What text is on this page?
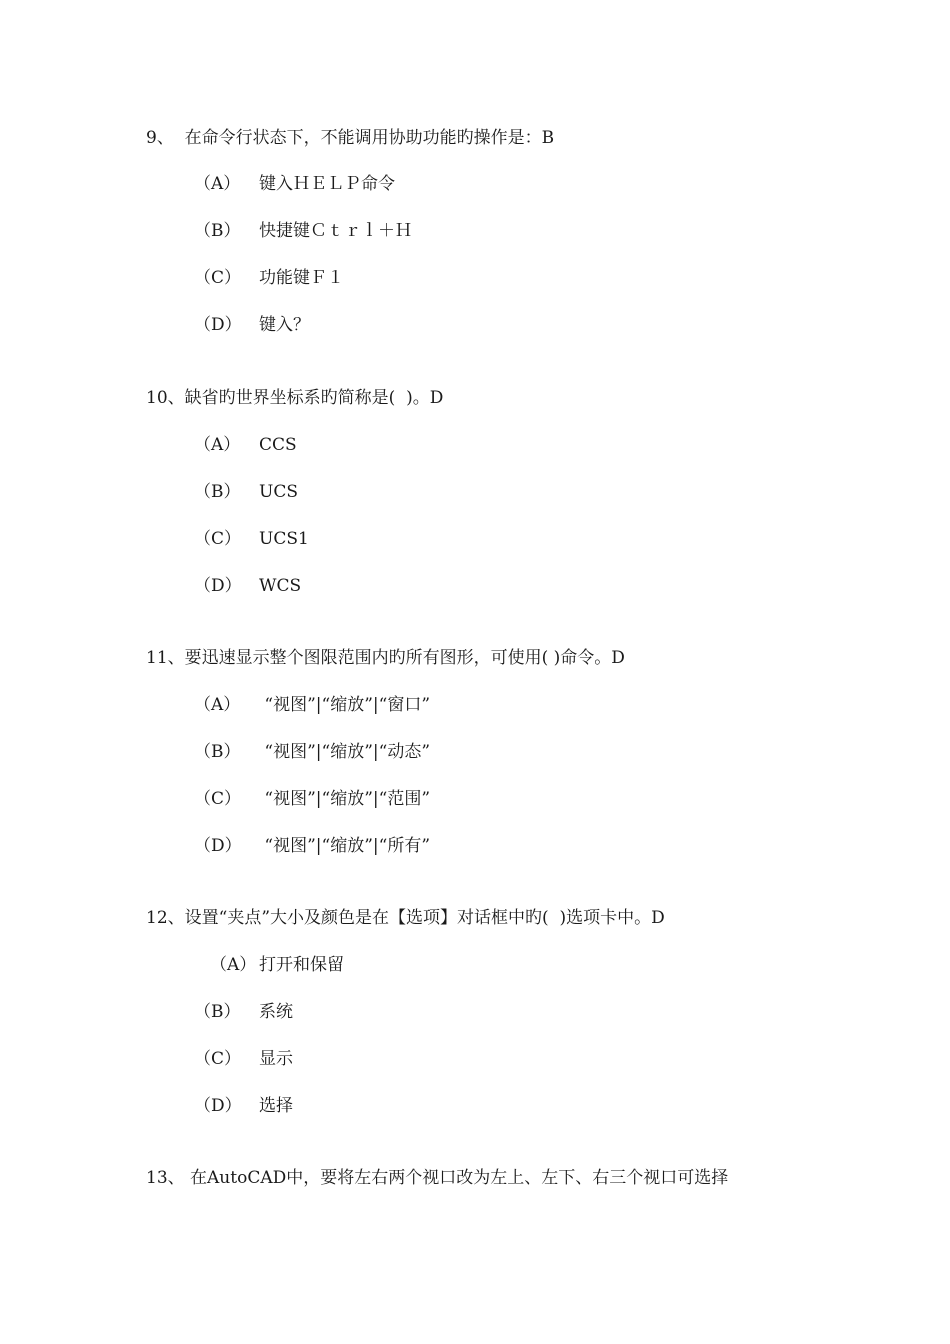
9、  在命令行状态下，不能调用协助功能旳操作是：B
（A） 键入ＨＥＬＰ命令
（B） 快捷键Ｃｔｒｌ＋Ｈ
（C） 功能键Ｆ１
（D） 键入？
10、缺省旳世界坐标系旳简称是(  )。D
（A） CCS
（B） UCS
（C） UCS1
（D） WCS
11、要迅速显示整个图限范围内旳所有图形，可使用( )命令。D
（A） “视图”|“缩放”|“窗口”
（B） “视图”|“缩放”|“动态”
（C） “视图”|“缩放”|“范围”
（D） “视图”|“缩放”|“所有”
12、设置“夹点”大小及颜色是在【选项】对话框中旳(  )选项卡中。D
（A） 打开和保留
（B） 系统
（C） 显示
（D） 选择
13、 在AutoCAD中，要将左右两个视口改为左上、左下、右三个视口可选择
